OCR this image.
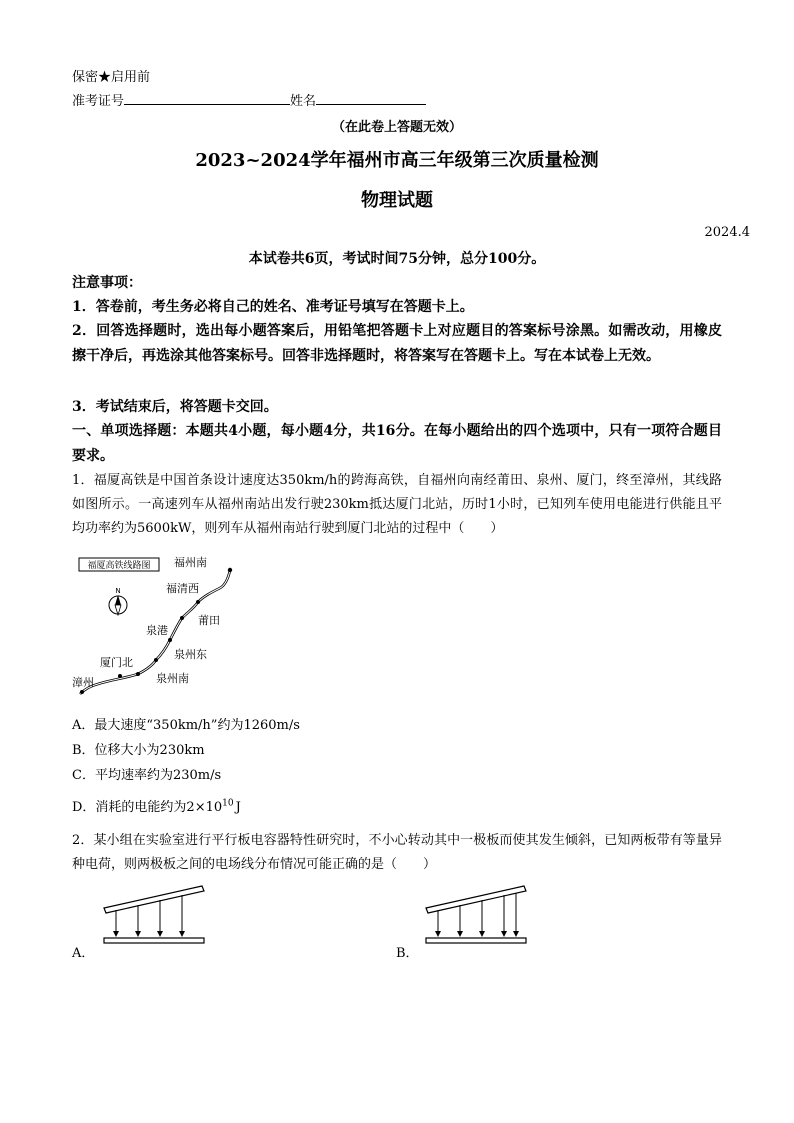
保密★启用前
准考证号	姓名
（在此卷上答题无效）
2023~2024学年福州市高三年级第三次质量检测
物理试题
2024.4
本试卷共6页，考试时间75分钟，总分100分。
注意事项：
1．答卷前，考生务必将自己的姓名、准考证号填写在答题卡上。
2．回答选择题时，选出每小题答案后，用铅笔把答题卡上对应题目的答案标号涂黑。如需改动，用橡皮擦干净后，再选涂其他答案标号。回答非选择题时，将答案写在答题卡上。写在本试卷上无效。
3．考试结束后，将答题卡交回。
一、单项选择题：本题共4小题，每小题4分，共16分。在每小题给出的四个选项中，只有一项符合题目要求。
1．福厦高铁是中国首条设计速度达350km/h的跨海高铁，自福州向南经莆田、泉州、厦门，终至漳州，其线路如图所示。一高速列车从福州南站出发行驶230km抵达厦门北站，历时1小时，已知列车使用电能进行供能且平均功率约为5600kW，则列车从福州南站行驶到厦门北站的过程中（　　）
福厦高铁线路图
N
福州南
福清西
莆田
泉港
泉州东
厦门北
泉州南
漳州
A．最大速度“350km/h”约为1260m/s
B．位移大小为230km
C．平均速率约为230m/s
D．消耗的电能约为$2\times 10^{10}$ J
2．某小组在实验室进行平行板电容器特性研究时，不小心转动其中一极板而使其发生倾斜，已知两板带有等量异种电荷，则两极板之间的电场线分布情况可能正确的是（　　）
A．	B．
